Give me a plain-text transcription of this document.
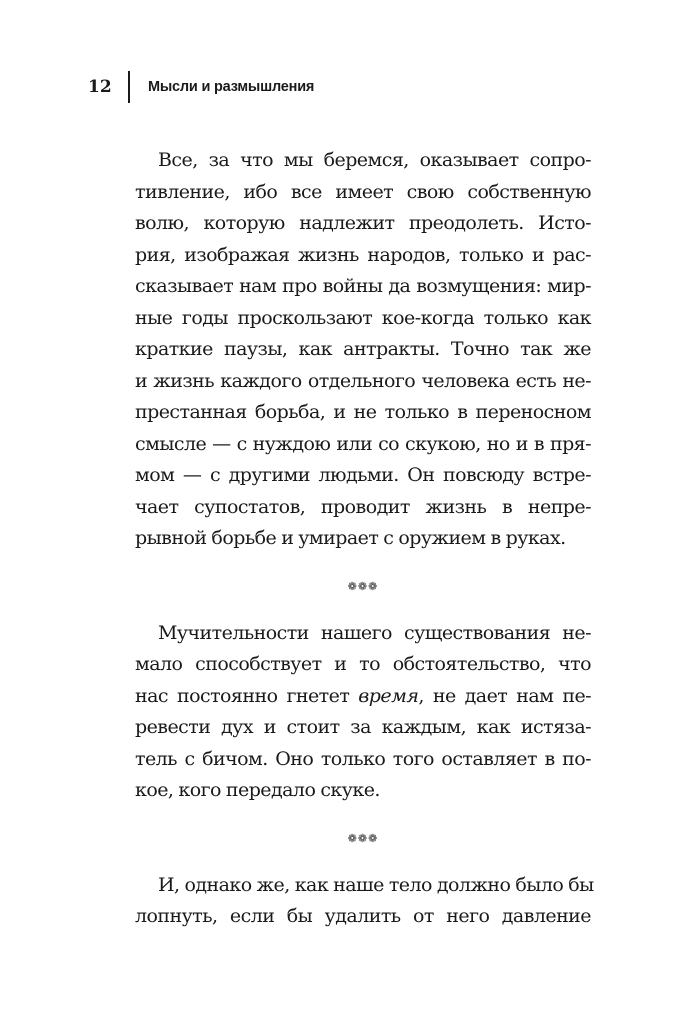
12	Мысли и размышления
Все, за что мы беремся, оказывает сопро-
тивление, ибо все имеет свою собственную
волю, которую надлежит преодолеть. Исто-
рия, изображая жизнь народов, только и рас-
сказывает нам про войны да возмущения: мир-
ные годы проскользают кое-когда только как
краткие паузы, как антракты. Точно так же
и жизнь каждого отдельного человека есть не-
престанная борьба, и не только в переносном
смысле — с нуждою или со скукою, но и в пря-
мом — с другими людьми. Он повсюду встре-
чает супостатов, проводит жизнь в непре-
рывной борьбе и умирает с оружием в руках.
❁❁❁
Мучительности нашего существования не-
мало способствует и то обстоятельство, что
нас постоянно гнетет время, не дает нам пе-
ревести дух и стоит за каждым, как истяза-
тель с бичом. Оно только того оставляет в по-
кое, кого передало скуке.
❁❁❁
И, однако же, как наше тело должно было бы
лопнуть, если бы удалить от него давление
